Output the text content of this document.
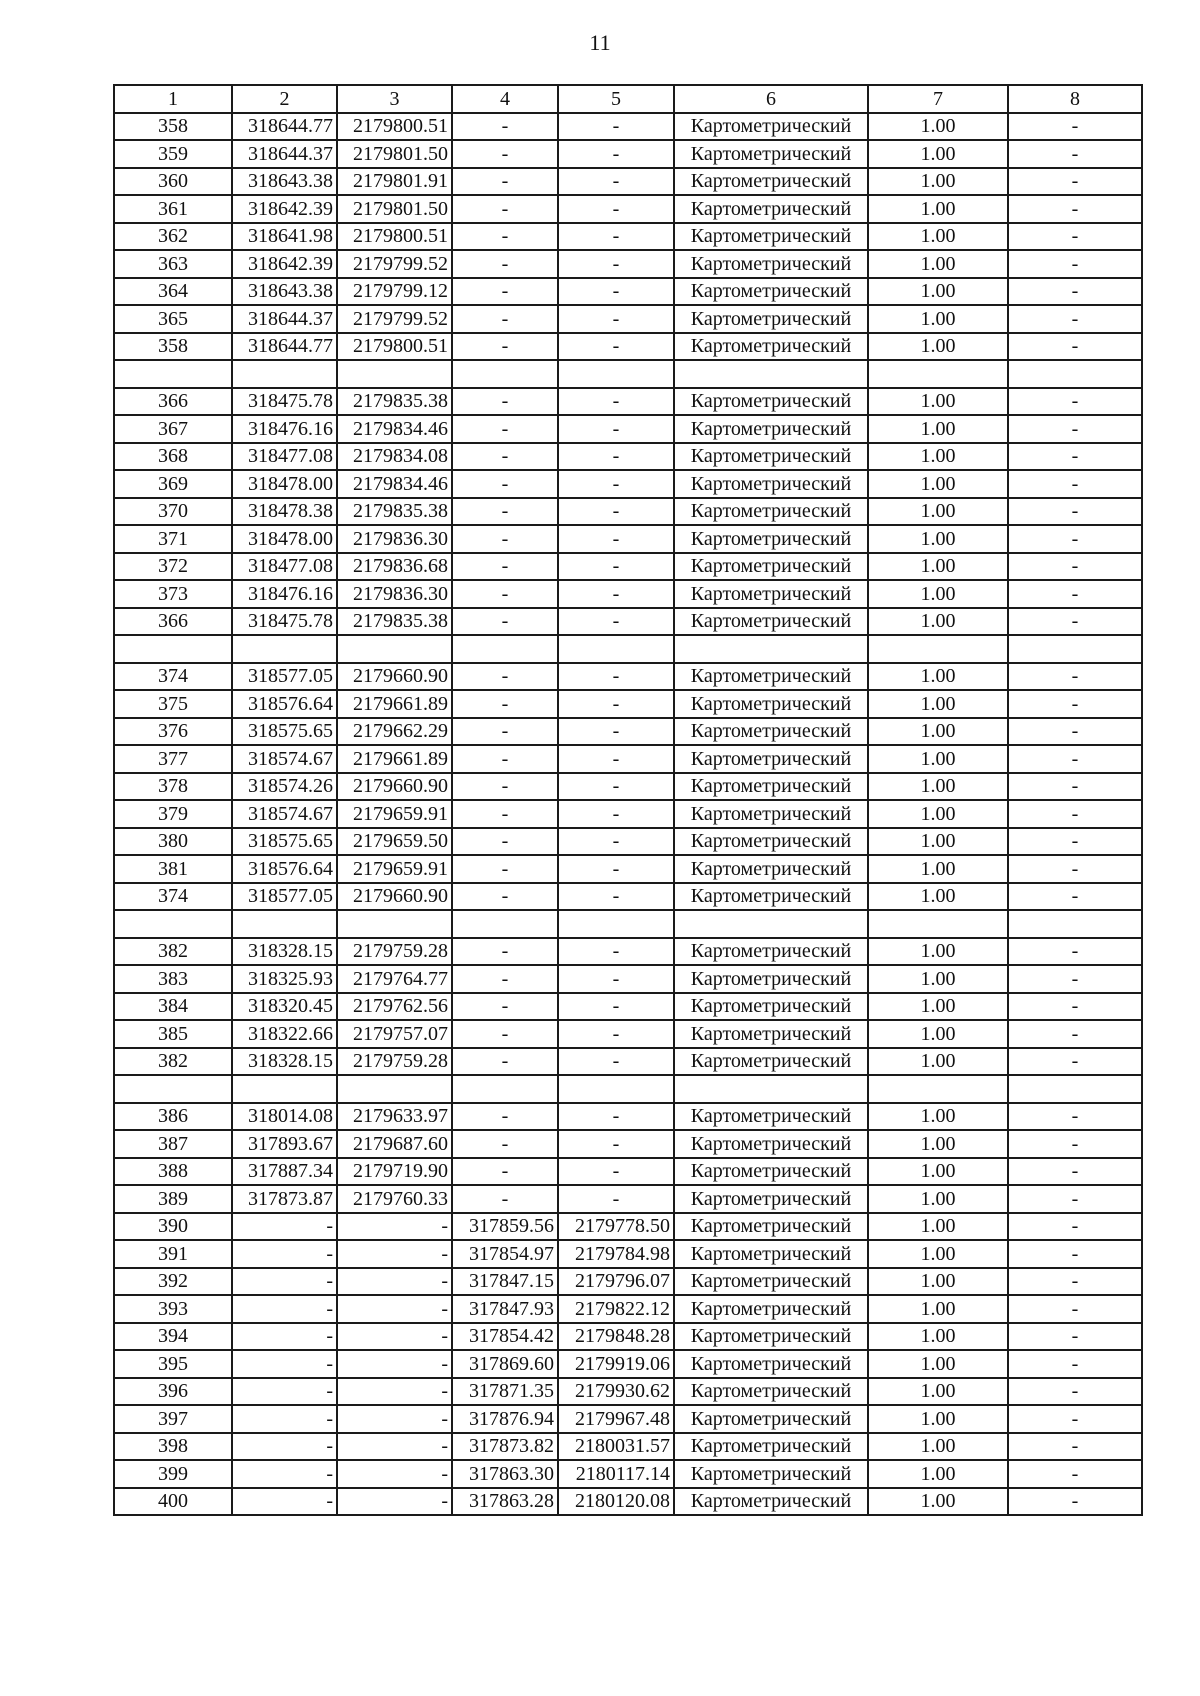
11
1	2	3	4	5	6	7	8
358	318644.77	2179800.51	-	-	Картометрический	1.00	-
359	318644.37	2179801.50	-	-	Картометрический	1.00	-
360	318643.38	2179801.91	-	-	Картометрический	1.00	-
361	318642.39	2179801.50	-	-	Картометрический	1.00	-
362	318641.98	2179800.51	-	-	Картометрический	1.00	-
363	318642.39	2179799.52	-	-	Картометрический	1.00	-
364	318643.38	2179799.12	-	-	Картометрический	1.00	-
365	318644.37	2179799.52	-	-	Картометрический	1.00	-
358	318644.77	2179800.51	-	-	Картометрический	1.00	-

366	318475.78	2179835.38	-	-	Картометрический	1.00	-
367	318476.16	2179834.46	-	-	Картометрический	1.00	-
368	318477.08	2179834.08	-	-	Картометрический	1.00	-
369	318478.00	2179834.46	-	-	Картометрический	1.00	-
370	318478.38	2179835.38	-	-	Картометрический	1.00	-
371	318478.00	2179836.30	-	-	Картометрический	1.00	-
372	318477.08	2179836.68	-	-	Картометрический	1.00	-
373	318476.16	2179836.30	-	-	Картометрический	1.00	-
366	318475.78	2179835.38	-	-	Картометрический	1.00	-

374	318577.05	2179660.90	-	-	Картометрический	1.00	-
375	318576.64	2179661.89	-	-	Картометрический	1.00	-
376	318575.65	2179662.29	-	-	Картометрический	1.00	-
377	318574.67	2179661.89	-	-	Картометрический	1.00	-
378	318574.26	2179660.90	-	-	Картометрический	1.00	-
379	318574.67	2179659.91	-	-	Картометрический	1.00	-
380	318575.65	2179659.50	-	-	Картометрический	1.00	-
381	318576.64	2179659.91	-	-	Картометрический	1.00	-
374	318577.05	2179660.90	-	-	Картометрический	1.00	-

382	318328.15	2179759.28	-	-	Картометрический	1.00	-
383	318325.93	2179764.77	-	-	Картометрический	1.00	-
384	318320.45	2179762.56	-	-	Картометрический	1.00	-
385	318322.66	2179757.07	-	-	Картометрический	1.00	-
382	318328.15	2179759.28	-	-	Картометрический	1.00	-

386	318014.08	2179633.97	-	-	Картометрический	1.00	-
387	317893.67	2179687.60	-	-	Картометрический	1.00	-
388	317887.34	2179719.90	-	-	Картометрический	1.00	-
389	317873.87	2179760.33	-	-	Картометрический	1.00	-
390	-	-	317859.56	2179778.50	Картометрический	1.00	-
391	-	-	317854.97	2179784.98	Картометрический	1.00	-
392	-	-	317847.15	2179796.07	Картометрический	1.00	-
393	-	-	317847.93	2179822.12	Картометрический	1.00	-
394	-	-	317854.42	2179848.28	Картометрический	1.00	-
395	-	-	317869.60	2179919.06	Картометрический	1.00	-
396	-	-	317871.35	2179930.62	Картометрический	1.00	-
397	-	-	317876.94	2179967.48	Картометрический	1.00	-
398	-	-	317873.82	2180031.57	Картометрический	1.00	-
399	-	-	317863.30	2180117.14	Картометрический	1.00	-
400	-	-	317863.28	2180120.08	Картометрический	1.00	-
